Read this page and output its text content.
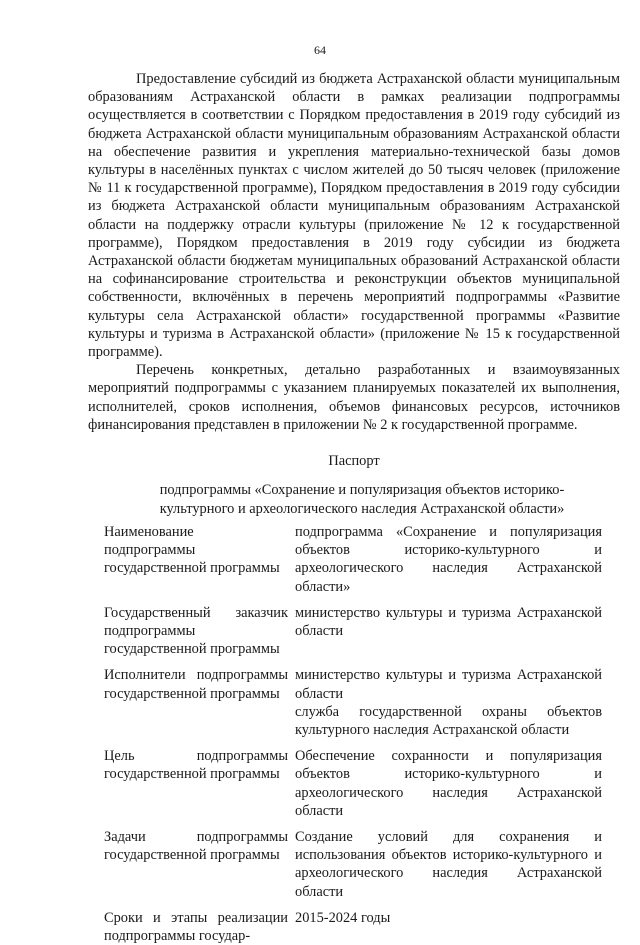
64

Предоставление субсидий из бюджета Астраханской области муниципальным образованиям Астраханской области в рамках реализации подпрограммы осуществляется в соответствии с Порядком предоставления в 2019 году субсидий из бюджета Астраханской области муниципальным образованиям Астраханской области на обеспечение развития и укрепления материально-технической базы домов культуры в населённых пунктах с числом жителей до 50 тысяч человек (приложение № 11 к государственной программе), Порядком предоставления в 2019 году субсидии из бюджета Астраханской области муниципальным образованиям Астраханской области на поддержку отрасли культуры (приложение № 12 к государственной программе), Порядком предоставления в 2019 году субсидии из бюджета Астраханской области бюджетам муниципальных образований Астраханской области на софинансирование строительства и реконструкции объектов муниципальной собственности, включённых в перечень мероприятий подпрограммы «Развитие культуры села Астраханской области» государственной программы «Развитие культуры и туризма в Астраханской области» (приложение № 15 к государственной программе).

Перечень конкретных, детально разработанных и взаимоувязанных мероприятий подпрограммы с указанием планируемых показателей их выполнения, исполнителей, сроков исполнения, объемов финансовых ресурсов, источников финансирования представлен в приложении № 2 к государственной программе.

Паспорт
подпрограммы «Сохранение и популяризация объектов историко-культурного и археологического наследия Астраханской области»
Наименование подпрограммы государственной программы

подпрограмма «Сохранение и популяризация объектов историко-культурного и археологического наследия Астраханской области»

Государственный заказчик подпрограммы государственной программы

министерство культуры и туризма Астраханской области

Исполнители подпрограммы государственной программы

министерство культуры и туризма Астраханской области

служба государственной охраны объектов культурного наследия Астраханской области

Цель подпрограммы государственной программы

Обеспечение сохранности и популяризация объектов историко-культурного и археологического наследия Астраханской области

Задачи подпрограммы государственной программы

Создание условий для сохранения и использования объектов историко-культурного и археологического наследия Астраханской области

Сроки и этапы реализации подпрограммы государ-

2015-2024 годы
